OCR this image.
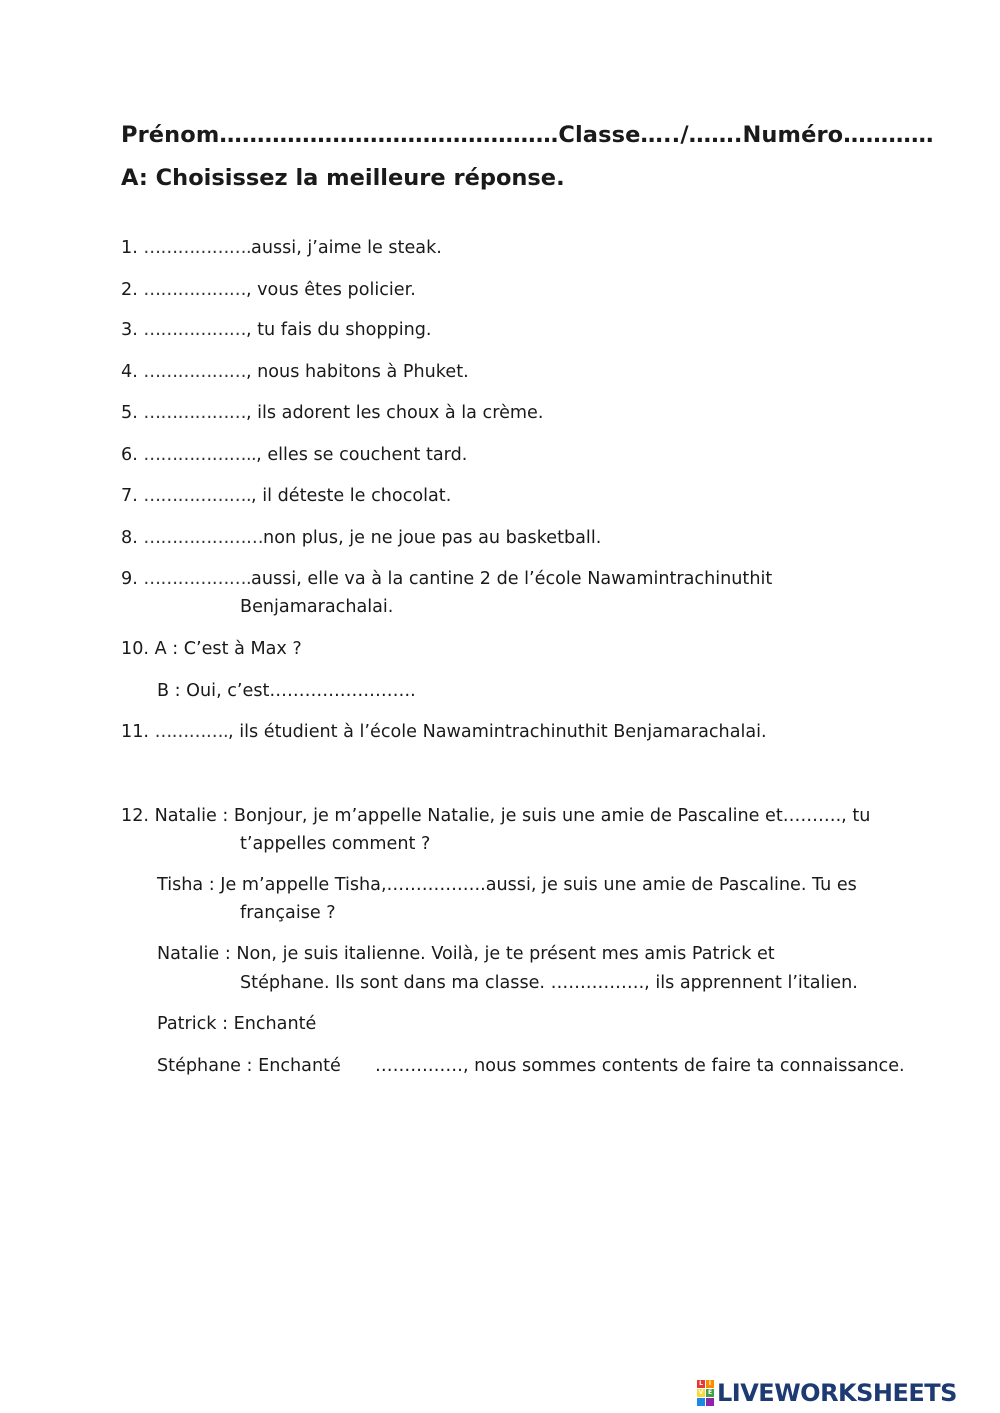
Prénom………………………………………Classe…../…….Numéro…………
A: Choisissez la meilleure réponse.
1. ……………….aussi, j’aime le steak.
2. ………………, vous êtes policier.
3. ………………, tu fais du shopping.
4. ………………, nous habitons à Phuket.
5. ………………, ils adorent les choux à la crème.
6. ……………….., elles se couchent tard.
7. ………………., il déteste le chocolat.
8. …………………non plus, je ne joue pas au basketball.
9. ……………….aussi, elle va à la cantine 2 de l’école Nawamintrachinuthit
Benjamarachalai.
10. A : C’est à Max ?
B : Oui, c’est…………………….
11. …………., ils étudient à l’école Nawamintrachinuthit Benjamarachalai.
12. Natalie : Bonjour, je m’appelle Natalie, je suis une amie de Pascaline et………., tu
t’appelles comment ?
Tisha : Je m’appelle Tisha,……………..aussi, je suis une amie de Pascaline. Tu es
française ?
Natalie : Non, je suis italienne. Voilà, je te présent mes amis Patrick et
Stéphane. Ils sont dans ma classe. ……………., ils apprennent l’italien.
Patrick : Enchanté
Stéphane : Enchanté ……………, nous sommes contents de faire ta connaissance.
L I
V E LIVEWORKSHEETS
